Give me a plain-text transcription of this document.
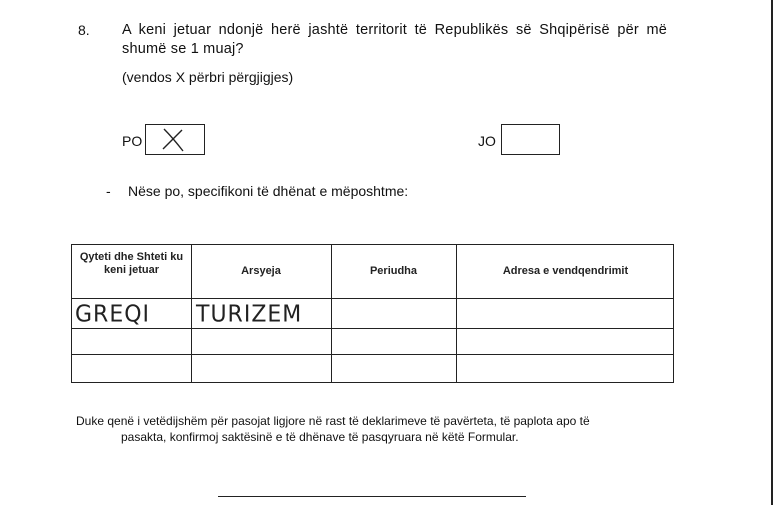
8. A keni jetuar ndonjë herë jashtë territorit të Republikës së Shqipërisë për më shumë se 1 muaj?
(vendos X përbri përgjigjes)
PO	JO
- Nëse po, specifikoni të dhënat e mëposhtme:
Qyteti dhe Shteti ku keni jetuar	Arsyeja	Periudha	Adresa e vendqendrimit
GREQI TURIZEM
Duke qenë i vetëdijshëm për pasojat ligjore në rast të deklarimeve të pavërteta, të paplota apo të
pasakta, konfirmoj saktësinë e të dhënave të pasqyruara në këtë Formular.
